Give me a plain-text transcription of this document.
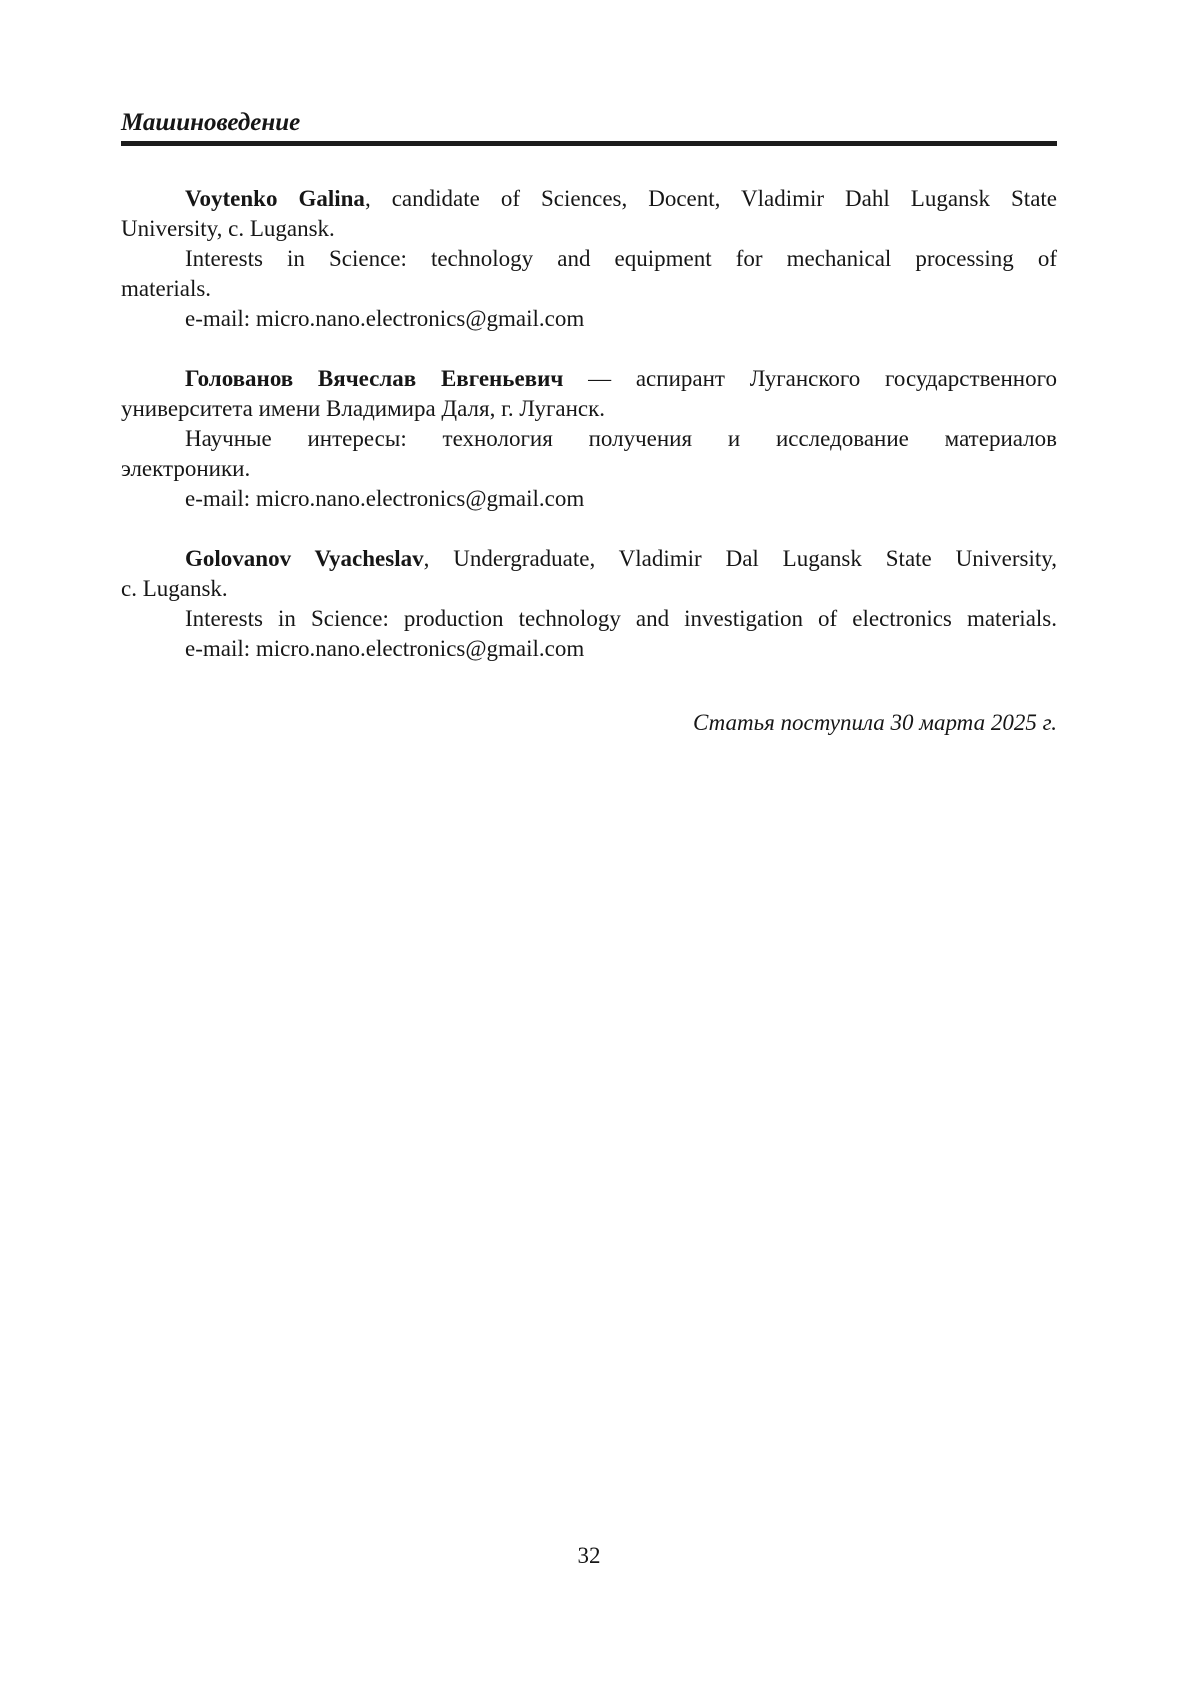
Машиноведение
Voytenko Galina, candidate of Sciences, Docent, Vladimir Dahl Lugansk State
University, c. Lugansk.
Interests in Science: technology and equipment for mechanical processing of
materials.
e-mail: micro.nano.electronics@gmail.com
Голованов Вячеслав Евгеньевич — аспирант Луганского государственного
университета имени Владимира Даля, г. Луганск.
Научные интересы: технология получения и исследование материалов
электроники.
e-mail: micro.nano.electronics@gmail.com
Golovanov Vyacheslav, Undergraduate, Vladimir Dal Lugansk State University,
c. Lugansk.
Interests in Science: production technology and investigation of electronics materials.
e-mail: micro.nano.electronics@gmail.com
Статья поступила 30 марта 2025 г.
32
